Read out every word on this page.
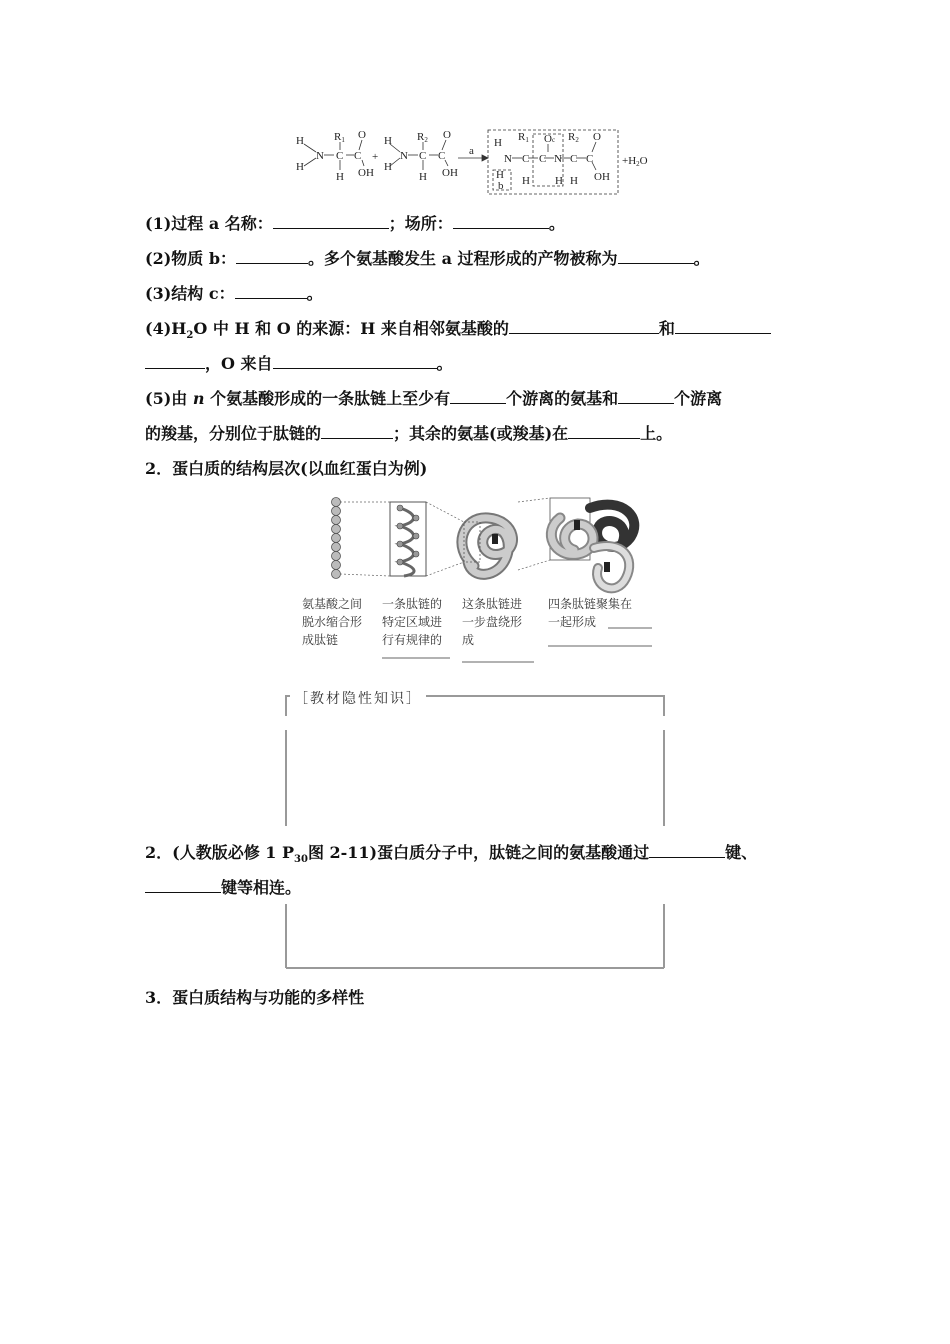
H
H
N
R1
C
H
C
O
OH
+
H
H
N
R2
C
H
C
O
OH
a
H
N
H
b
R1
C
H
C
O c
N
H
R2
C
H
C
O
OH
+H2O
(1)过程 a 名称：	；场所：	。
(2)物质 b：	。多个氨基酸发生 a 过程形成的产物被称为	。
(3)结构 c：	。
$(4)H_2O$ 中 H 和 O 的来源：H 来自相邻氨基酸的	和
，O 来自	。
(5)由 n 个氨基酸形成的一条肽链上至少有	个游离的氨基和	个游离
的羧基，分别位于肽链的	；其余的氨基(或羧基)在	上。
2．蛋白质的结构层次(以血红蛋白为例)
氨基酸之间
脱水缩合形
成肽链
一条肽链的
特定区域进
行有规律的
这条肽链进
一步盘绕形
成
四条肽链聚集在
一起形成
［教材隐性知识］
2．(人教版必修 1 $P_{30}$图 2-11)蛋白质分子中，肽链之间的氨基酸通过	键、
键等相连。
3．蛋白质结构与功能的多样性
